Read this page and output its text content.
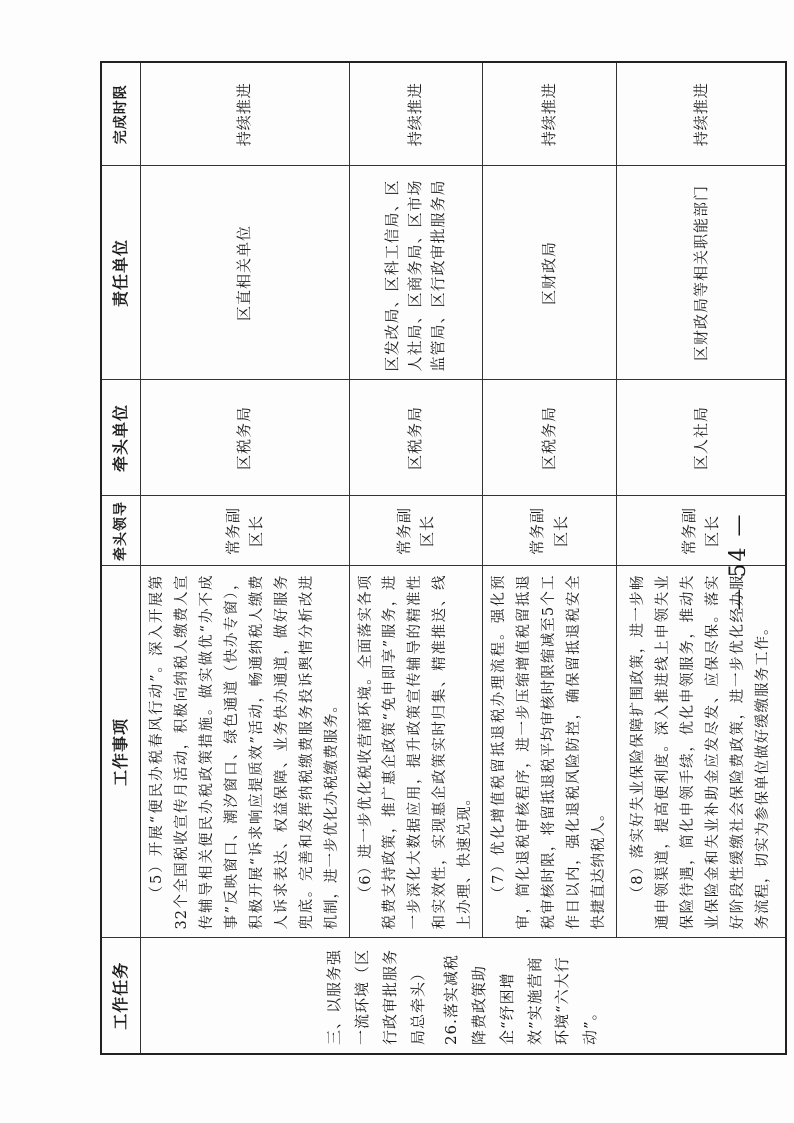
工作任务	工作事项	牵头领导	牵头单位	责任单位	完成时限

三、以服务强一流环境（区行政审批服务局总牵头） 26.落实减税降费政策助企“纾困增效”实施营商环境“六大行动”。	（5）开展“便民办税春风行动”。深入开展第32个全国税收宣传月活动，积极向纳税人缴费人宣传辅导相关便民办税政策措施。做实做优“办不成事”反映窗口、潮汐窗口、绿色通道（快办专窗），积极开展“诉求响应提质效”活动，畅通纳税人缴费人诉求表达、权益保障、业务快办通道，做好服务兜底。完善和发挥纳税缴费服务投诉舆情分析改进机制，进一步优化办税缴费服务。	常务副区长	区税务局	区直相关单位	持续推进
	（6）进一步优化税收营商环境。全面落实各项税费支持政策，推广惠企政策“免申即享”服务，进一步深化大数据应用，提升政策宣传辅导的精准性和实效性，实现惠企政策实时归集、精准推送、线上办理、快速兑现。	常务副区长	区税务局	区发改局、区科工信局、区人社局、区商务局、区市场监管局、区行政审批服务局	持续推进
	（7）优化增值税留抵退税办理流程。强化预审，简化退税审核程序，进一步压缩增值税留抵退税审核时限，将留抵退税平均审核时限缩减至5个工作日以内，强化退税风险防控，确保留抵退税安全快捷直达纳税人。	常务副区长	区税务局	区财政局	持续推进
	（8）落实好失业保险保障扩围政策，进一步畅通申领渠道，提高便利度。深入推进线上申领失业保险待遇，简化申领手续，优化申领服务，推动失业保险金和失业补助金应发尽发、应保尽保。落实好阶段性缓缴社会保险费政策，进一步优化经办服务流程，切实为参保单位做好缓缴服务工作。	常务副区长	区人社局	区财政局等相关职能部门	持续推进
— 54 —
